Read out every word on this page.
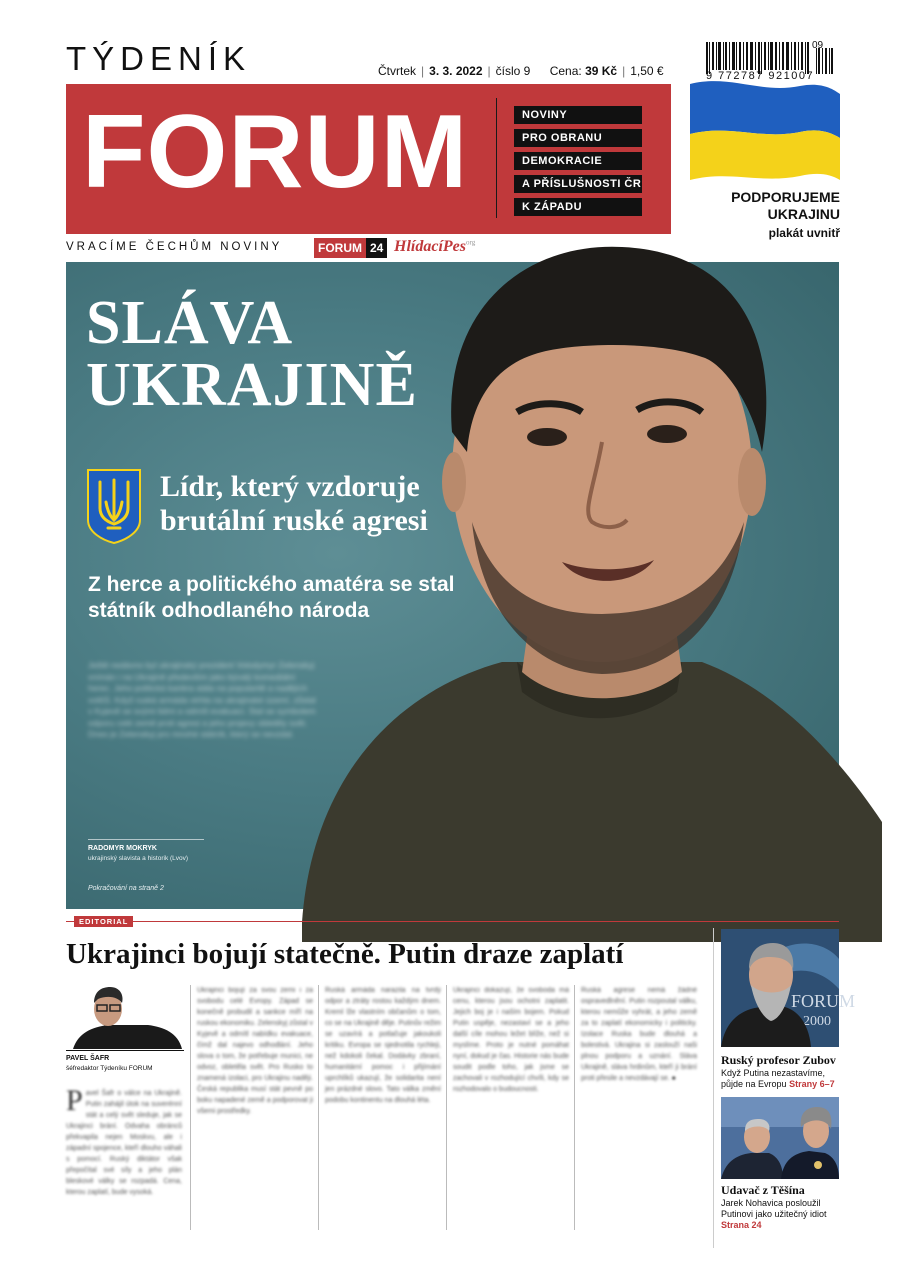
TÝDENÍK	Čtvrtek | 3. 3. 2022 | číslo 9 Cena: 39 Kč | 1,50 €
FORUM	NOVINY
PRO OBRANU
DEMOKRACIE
A PŘÍSLUŠNOSTI ČR
K ZÁPADU
VRACÍME ČECHŮM NOVINY	FORUM 24 HlídacíPes$^{org}$
09
9 772787 921007
PODPORUJEME
UKRAJINU
plakát uvnitř
SLÁVA
UKRAJINĚ
Lídr, který vzdoruje brutální ruské agresi
Z herce a politického amatéra se stal státník odhodlaného národa
Ještě nedávno byl ukrajinský prezident Volodymyr Zelenskyj vnímán i na Ukrajině především jako bývalý komediální herec. Jeho politická kariéra stála na popularitě a nadějích voličů. Když ruská armáda vtrhla na ukrajinské území, zůstal v Kyjevě se svými lidmi a odmítl evakuaci. Stal se symbolem odporu celé země proti agresi a jeho projevy obletěly svět. Dnes je Zelenskyj pro mnohé státník, který se nevzdal.
RADOMYR MOKRYK
ukrajinský slavista a historik (Lvov)
Pokračování na straně 2
EDITORIAL
Ukrajinci bojují statečně. Putin draze zaplatí
PAVEL ŠAFR
šéfredaktor Týdeníku FORUM
Pavel Šafr o válce na Ukrajině. Putin zahájil útok na suverénní stát a celý svět sleduje, jak se Ukrajinci brání. Odvaha obránců překvapila nejen Moskvu, ale i západní spojence, kteří dlouho váhali s pomocí. Ruský diktátor však přepočítal své síly a jeho plán bleskové války se rozpadá. Cena, kterou zaplatí, bude vysoká.
Ukrajinci bojují za svou zemi i za svobodu celé Evropy. Západ se konečně probudil a sankce míří na ruskou ekonomiku. Zelenskyj zůstal v Kyjevě a odmítl nabídku evakuace, čímž dal najevo odhodlání. Jeho slova o tom, že potřebuje munici, ne odvoz, obletěla svět. Pro Rusko to znamená izolaci, pro Ukrajinu naději. Česká republika musí stát pevně po boku napadené země a podporovat ji všemi prostředky.
Ruská armáda narazila na tvrdý odpor a ztráty rostou každým dnem. Kreml lže vlastním občanům o tom, co se na Ukrajině děje. Putinův režim se uzavírá a potlačuje jakoukoli kritiku. Evropa se sjednotila rychleji, než kdokoli čekal. Dodávky zbraní, humanitární pomoc i přijímání uprchlíků ukazují, že solidarita není jen prázdné slovo. Tato válka změní podobu kontinentu na dlouhá léta.
Ukrajinci dokazují, že svoboda má cenu, kterou jsou ochotni zaplatit. Jejich boj je i naším bojem. Pokud Putin uspěje, nezastaví se a jeho další cíle mohou ležet blíže, než si myslíme. Proto je nutné pomáhat nyní, dokud je čas. Historie nás bude soudit podle toho, jak jsme se zachovali v rozhodující chvíli, kdy se rozhodovalo o budoucnosti.
Ruská agrese nemá žádné ospravedlnění. Putin rozpoutal válku, kterou nemůže vyhrát, a jeho země za to zaplatí ekonomicky i politicky. Izolace Ruska bude dlouhá a bolestivá. Ukrajina si zaslouží naši plnou podporu a uznání. Sláva Ukrajině, sláva hrdinům, kteří ji brání proti přesile a nevzdávají se. ●
FORUM
2000
Ruský profesor Zubov
Když Putina nezastavíme, půjde na Evropu Strany 6–7
Udavač z Těšína
Jarek Nohavica posloužil Putinovi jako užitečný idiot
Strana 24
